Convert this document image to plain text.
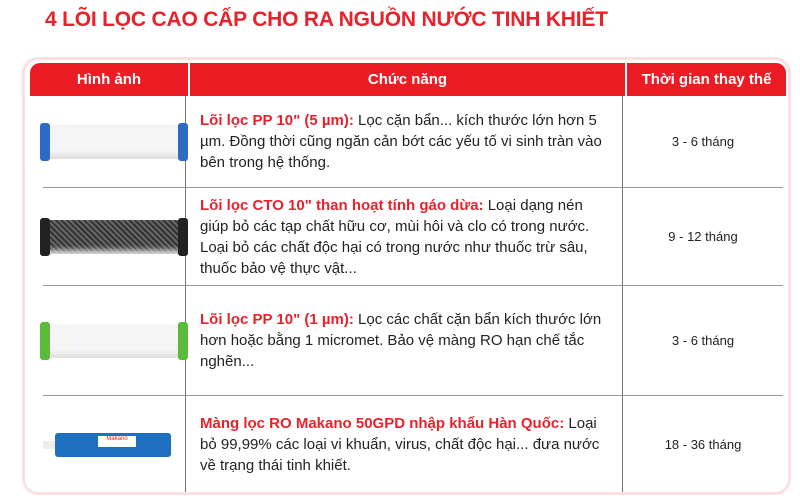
4 LÕI LỌC CAO CẤP CHO RA NGUỒN NƯỚC TINH KHIẾT
Hình ảnh	Chức năng	Thời gian thay thế

Lõi lọc PP 10" (5 µm): Lọc cặn bẩn... kích thước lớn hơn 5 µm. Đồng thời cũng ngăn cản bớt các yếu tố vi sinh tràn vào bên trong hệ thống.

3 - 6 tháng

Lõi lọc CTO 10" than hoạt tính gáo dừa: Loại dạng nén giúp bỏ các tạp chất hữu cơ, mùi hôi và clo có trong nước. Loại bỏ các chất độc hại có trong nước như thuốc trừ sâu, thuốc bảo vệ thực vật...

9 - 12 tháng

Lõi lọc PP 10" (1 µm): Lọc các chất cặn bẩn kích thước lớn hơn hoặc bằng 1 micromet. Bảo vệ màng RO hạn chế tắc nghẽn...

3 - 6 tháng
Makano

Màng lọc RO Makano 50GPD nhập khẩu Hàn Quốc: Loại bỏ 99,99% các loại vi khuẩn, virus, chất độc hại... đưa nước về trạng thái tinh khiết.

18 - 36 tháng
